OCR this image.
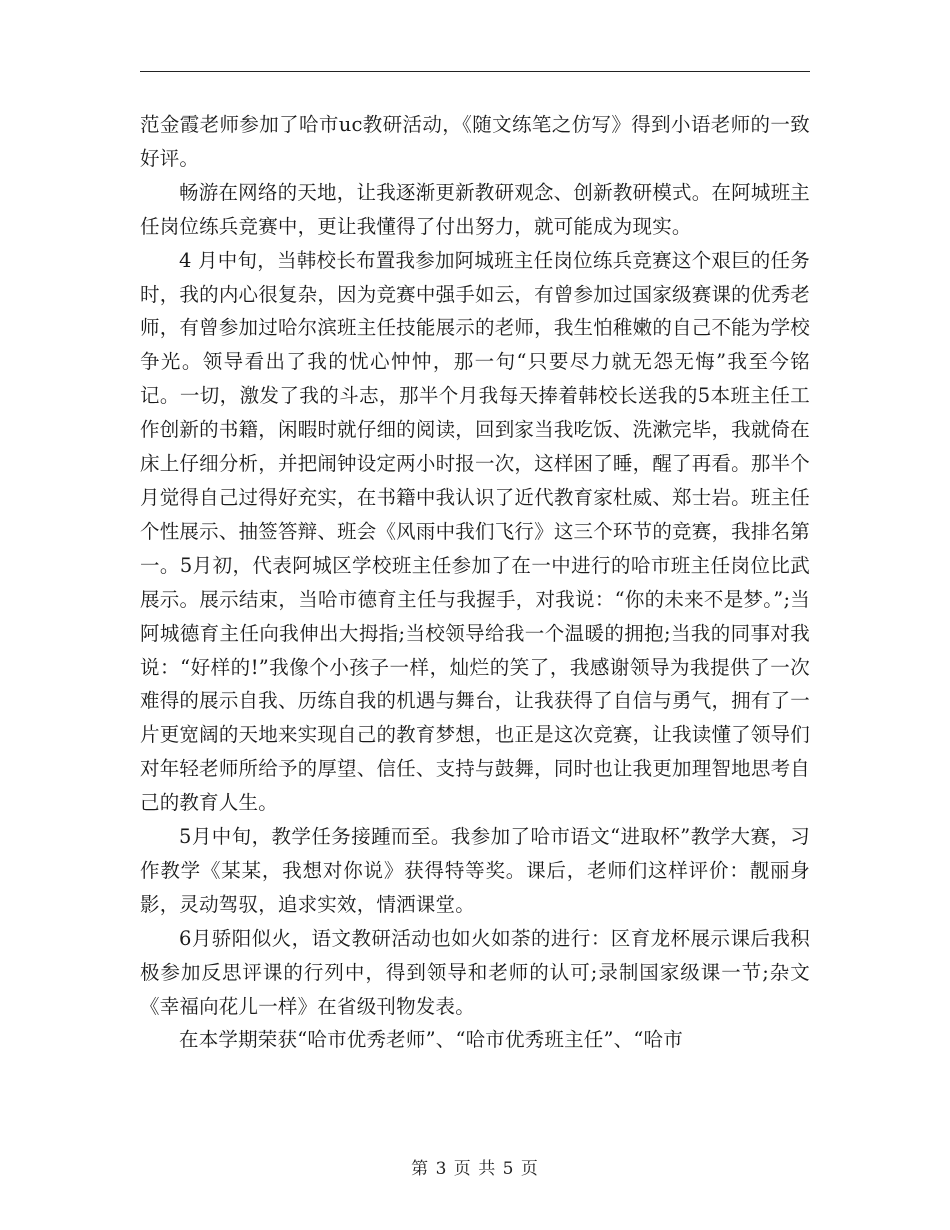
范金霞老师参加了哈市uc教研活动，《随文练笔之仿写》得到小语老师的一致好评。

畅游在网络的天地，让我逐渐更新教研观念、创新教研模式。在阿城班主任岗位练兵竞赛中，更让我懂得了付出努力，就可能成为现实。

4 月中旬，当韩校长布置我参加阿城班主任岗位练兵竞赛这个艰巨的任务时，我的内心很复杂，因为竞赛中强手如云，有曾参加过国家级赛课的优秀老师，有曾参加过哈尔滨班主任技能展示的老师，我生怕稚嫩的自己不能为学校争光。领导看出了我的忧心忡忡，那一句“只要尽力就无怨无悔”我至今铭记。一切，激发了我的斗志，那半个月我每天捧着韩校长送我的5本班主任工作创新的书籍，闲暇时就仔细的阅读，回到家当我吃饭、洗漱完毕，我就倚在床上仔细分析，并把闹钟设定两小时报一次，这样困了睡，醒了再看。那半个月觉得自己过得好充实，在书籍中我认识了近代教育家杜威、郑士岩。班主任个性展示、抽签答辩、班会《风雨中我们飞行》这三个环节的竞赛，我排名第一。5月初，代表阿城区学校班主任参加了在一中进行的哈市班主任岗位比武展示。展示结束，当哈市德育主任与我握手，对我说：“你的未来不是梦。”;当阿城德育主任向我伸出大拇指;当校领导给我一个温暖的拥抱;当我的同事对我说：“好样的!”我像个小孩子一样，灿烂的笑了，我感谢领导为我提供了一次难得的展示自我、历练自我的机遇与舞台，让我获得了自信与勇气，拥有了一片更宽阔的天地来实现自己的教育梦想，也正是这次竞赛，让我读懂了领导们对年轻老师所给予的厚望、信任、支持与鼓舞，同时也让我更加理智地思考自己的教育人生。

5月中旬，教学任务接踵而至。我参加了哈市语文“进取杯”教学大赛，习作教学《某某，我想对你说》获得特等奖。课后，老师们这样评价：靓丽身影，灵动驾驭，追求实效，情洒课堂。

6月骄阳似火，语文教研活动也如火如荼的进行：区育龙杯展示课后我积极参加反思评课的行列中，得到领导和老师的认可;录制国家级课一节;杂文《幸福向花儿一样》在省级刊物发表。

在本学期荣获“哈市优秀老师”、“哈市优秀班主任”、“哈市

第 3 页 共 5 页
